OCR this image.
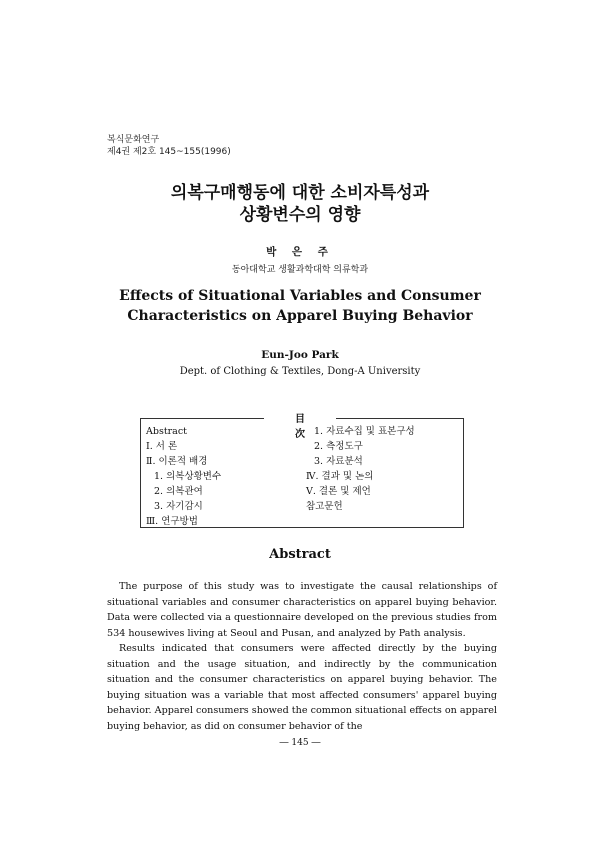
복식문화연구
제4권 제2호 145~155(1996)
의복구매행동에 대한 소비자특성과
상황변수의 영향
박 은 주
동아대학교 생활과학대학 의류학과
Effects of Situational Variables and Consumer
Characteristics on Apparel Buying Behavior
Eun-Joo Park
Dept. of Clothing & Textiles, Dong-A University
目 次
Abstract
Ⅰ. 서 론
Ⅱ. 이론적 배경
1. 의복상황변수
2. 의복관여
3. 자기감시
Ⅲ. 연구방법
1. 자료수집 및 표본구성
2. 측정도구
3. 자료분석
Ⅳ. 결과 및 논의
Ⅴ. 결론 및 제언
참고문헌
Abstract

The purpose of this study was to investigate the causal relationships of situational variables and consumer characteristics on apparel buying behavior. Data were collected via a questionnaire developed on the previous studies from 534 housewives living at Seoul and Pusan, and analyzed by Path analysis.

Results indicated that consumers were affected directly by the buying situation and the usage situation, and indirectly by the communication situation and the consumer characteristics on apparel buying behavior. The buying situation was a variable that most affected consumers' apparel buying behavior. Apparel consumers showed the common situational effects on apparel buying behavior, as did on consumer behavior of the

― 145 ―
